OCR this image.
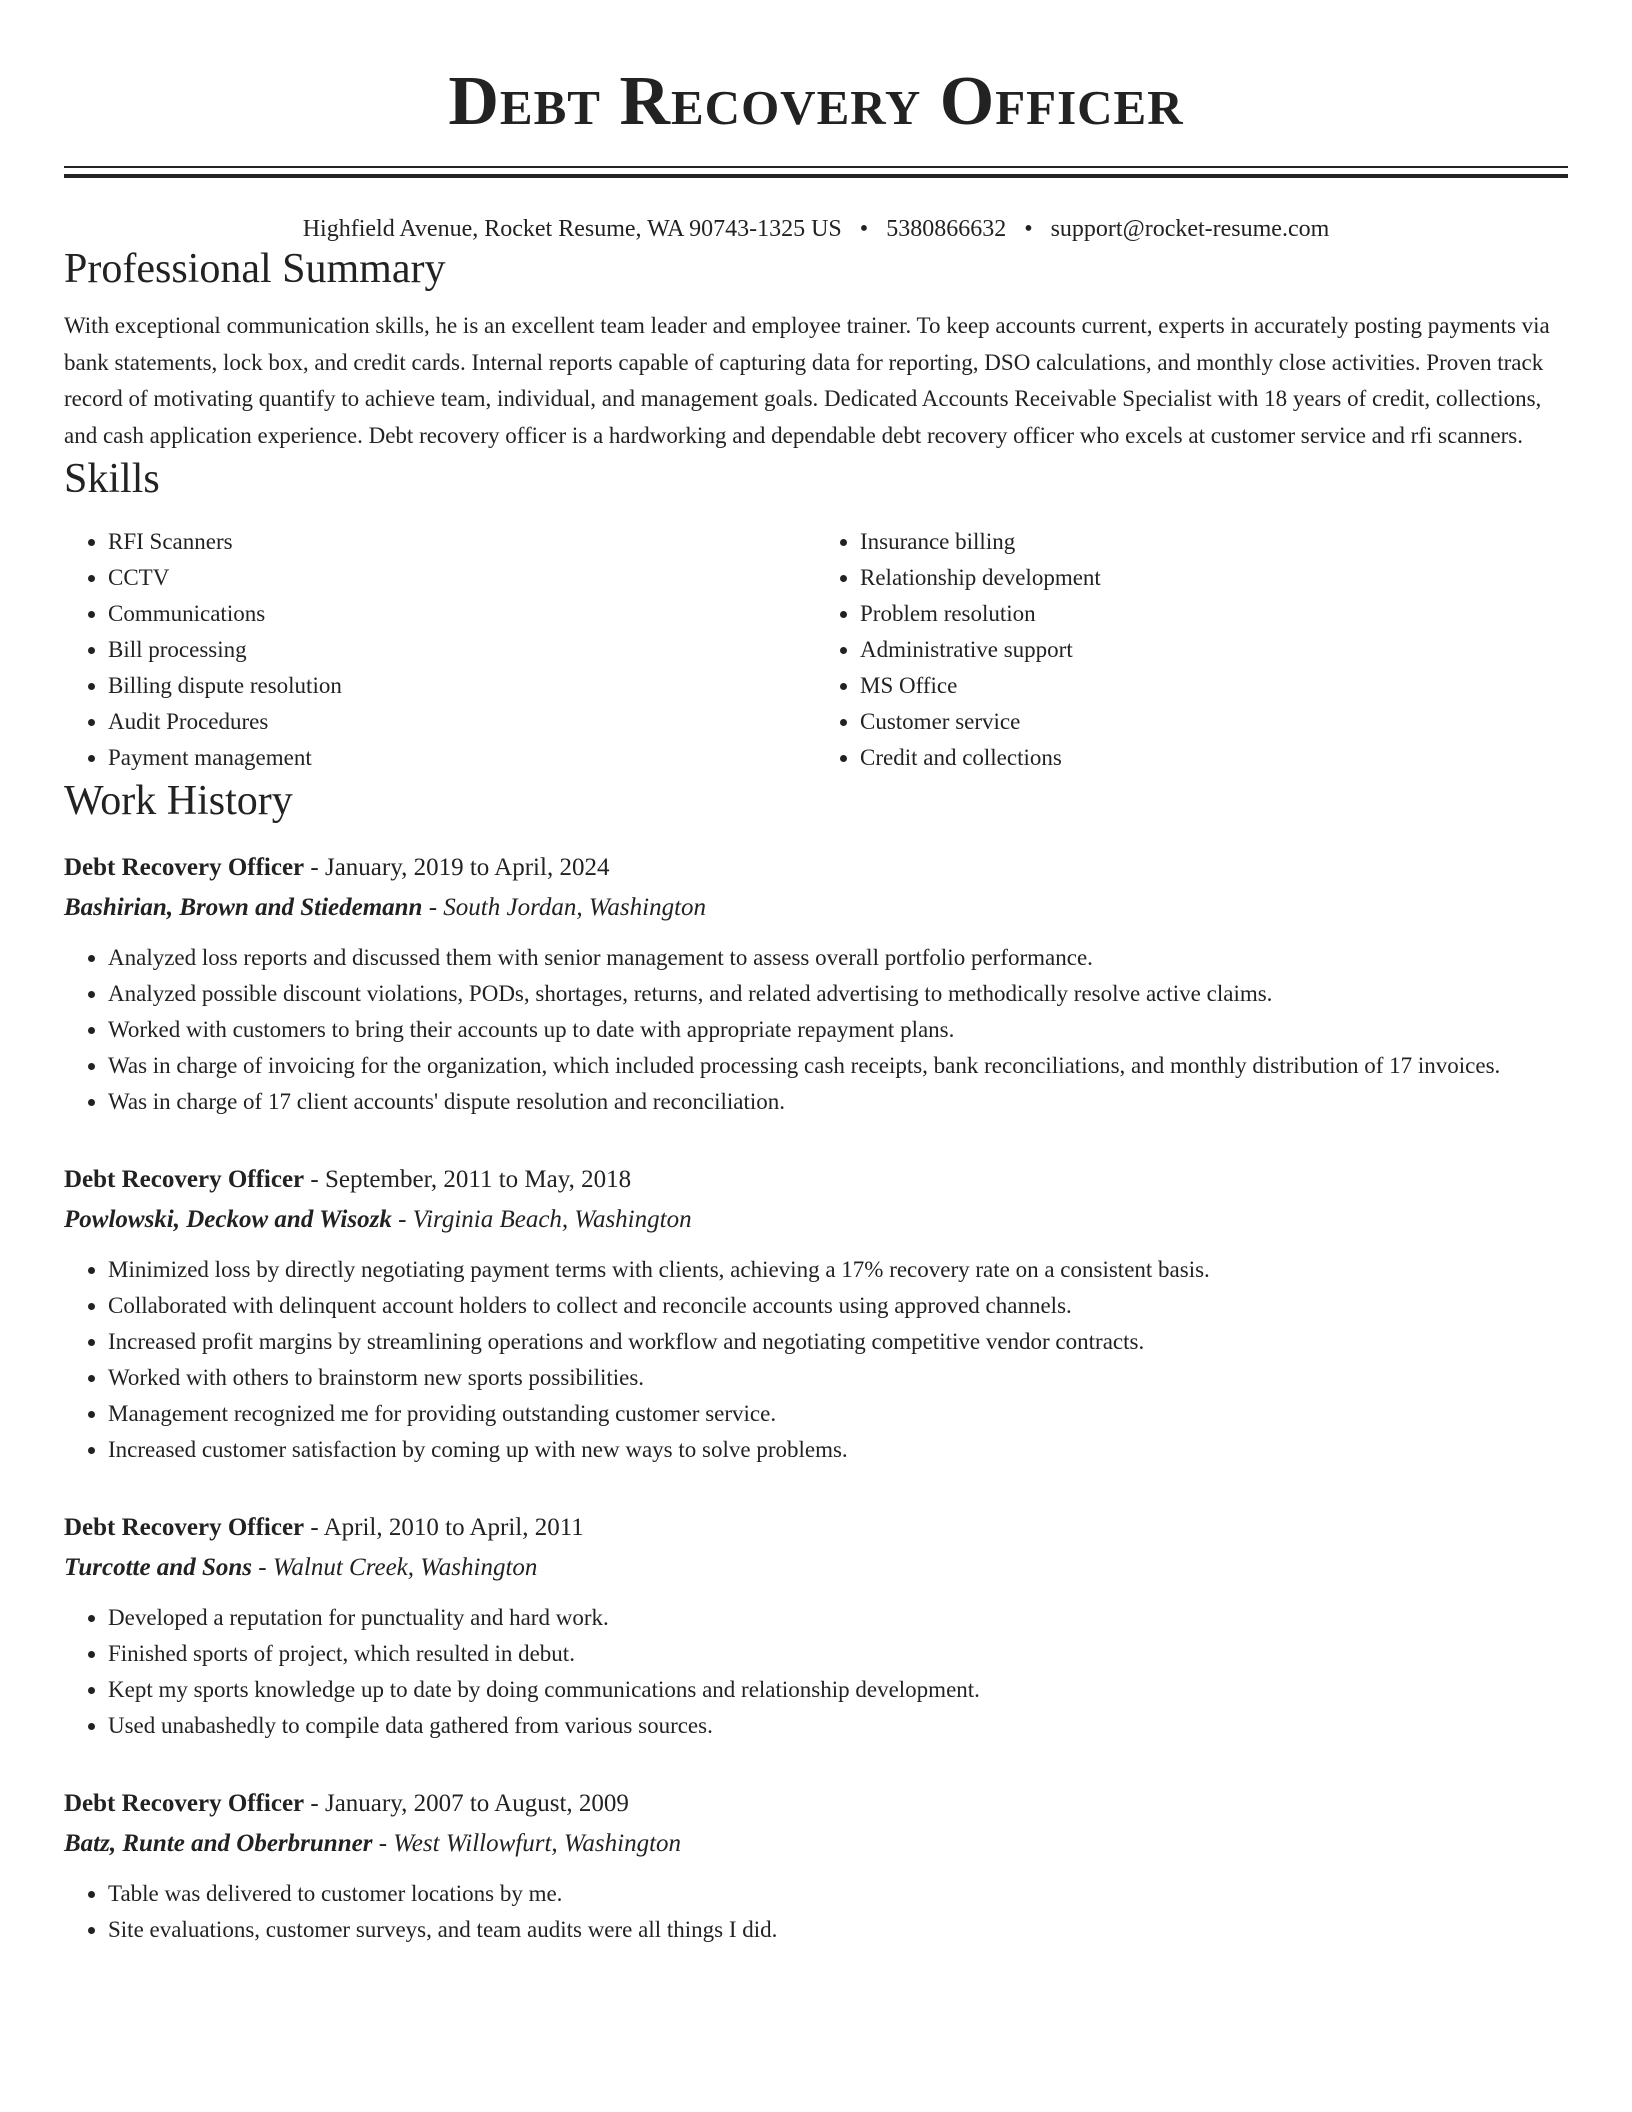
Debt Recovery Officer
Highfield Avenue, Rocket Resume, WA 90743-1325 US • 5380866632 • support@rocket-resume.com
Professional Summary
With exceptional communication skills, he is an excellent team leader and employee trainer. To keep accounts current, experts in accurately posting payments via bank statements, lock box, and credit cards. Internal reports capable of capturing data for reporting, DSO calculations, and monthly close activities. Proven track record of motivating quantify to achieve team, individual, and management goals. Dedicated Accounts Receivable Specialist with 18 years of credit, collections, and cash application experience. Debt recovery officer is a hardworking and dependable debt recovery officer who excels at customer service and rfi scanners.
Skills
• RFI Scanners
• CCTV
• Communications
• Bill processing
• Billing dispute resolution
• Audit Procedures
• Payment management
• Insurance billing
• Relationship development
• Problem resolution
• Administrative support
• MS Office
• Customer service
• Credit and collections
Work History
Debt Recovery Officer - January, 2019 to April, 2024
Bashirian, Brown and Stiedemann - South Jordan, Washington
• Analyzed loss reports and discussed them with senior management to assess overall portfolio performance.
• Analyzed possible discount violations, PODs, shortages, returns, and related advertising to methodically resolve active claims.
• Worked with customers to bring their accounts up to date with appropriate repayment plans.
• Was in charge of invoicing for the organization, which included processing cash receipts, bank reconciliations, and monthly distribution of 17 invoices.
• Was in charge of 17 client accounts' dispute resolution and reconciliation.
Debt Recovery Officer - September, 2011 to May, 2018
Powlowski, Deckow and Wisozk - Virginia Beach, Washington
• Minimized loss by directly negotiating payment terms with clients, achieving a 17% recovery rate on a consistent basis.
• Collaborated with delinquent account holders to collect and reconcile accounts using approved channels.
• Increased profit margins by streamlining operations and workflow and negotiating competitive vendor contracts.
• Worked with others to brainstorm new sports possibilities.
• Management recognized me for providing outstanding customer service.
• Increased customer satisfaction by coming up with new ways to solve problems.
Debt Recovery Officer - April, 2010 to April, 2011
Turcotte and Sons - Walnut Creek, Washington
• Developed a reputation for punctuality and hard work.
• Finished sports of project, which resulted in debut.
• Kept my sports knowledge up to date by doing communications and relationship development.
• Used unabashedly to compile data gathered from various sources.
Debt Recovery Officer - January, 2007 to August, 2009
Batz, Runte and Oberbrunner - West Willowfurt, Washington
• Table was delivered to customer locations by me.
• Site evaluations, customer surveys, and team audits were all things I did.
